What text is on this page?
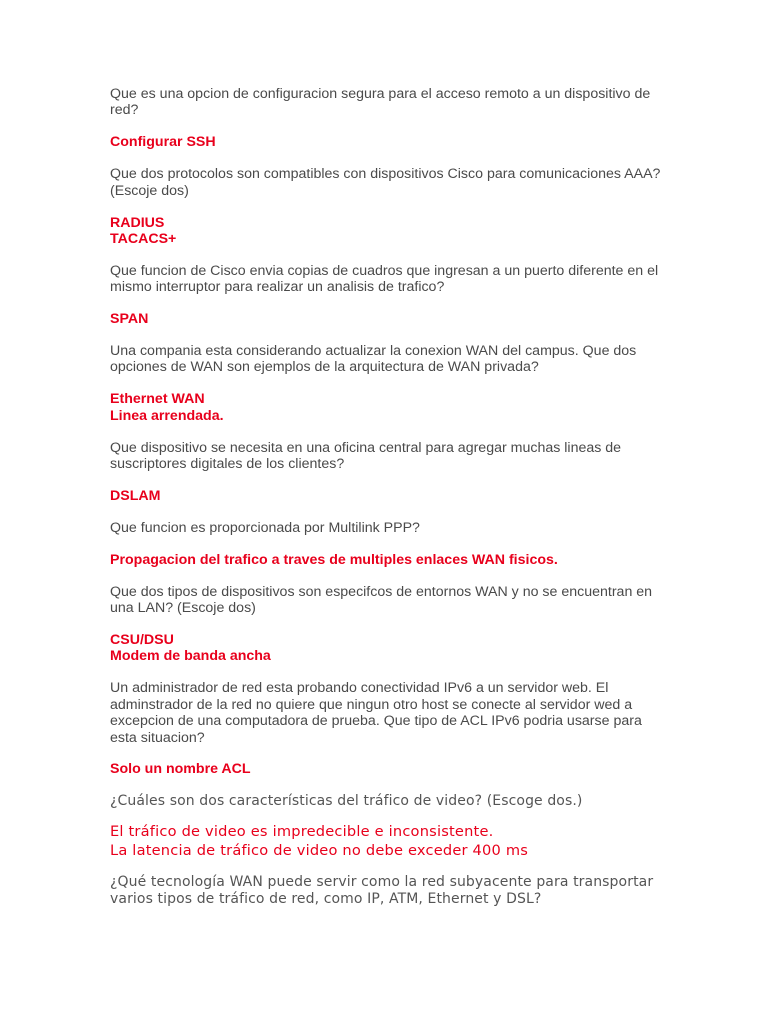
Que es una opcion de configuracion segura para el acceso remoto a un dispositivo de red?

Configurar SSH

Que dos protocolos son compatibles con dispositivos Cisco para comunicaciones AAA? (Escoje dos)

RADIUS
TACACS+

Que funcion de Cisco envia copias de cuadros que ingresan a un puerto diferente en el mismo interruptor para realizar un analisis de trafico?

SPAN

Una compania esta considerando actualizar la conexion WAN del campus. Que dos opciones de WAN son ejemplos de la arquitectura de WAN privada?

Ethernet WAN
Linea arrendada.

Que dispositivo se necesita en una oficina central para agregar muchas lineas de suscriptores digitales de los clientes?

DSLAM

Que funcion es proporcionada por Multilink PPP?

Propagacion del trafico a traves de multiples enlaces WAN fisicos.

Que dos tipos de dispositivos son especifcos de entornos WAN y no se encuentran en una LAN? (Escoje dos)

CSU/DSU
Modem de banda ancha

Un administrador de red esta probando conectividad IPv6 a un servidor web. El adminstrador de la red no quiere que ningun otro host se conecte al servidor wed a excepcion de una computadora de prueba. Que tipo de ACL IPv6 podria usarse para esta situacion?

Solo un nombre ACL

¿Cuáles son dos características del tráfico de video? (Escoge dos.)

El tráfico de video es impredecible e inconsistente.
La latencia de tráfico de video no debe exceder 400 ms

¿Qué tecnología WAN puede servir como la red subyacente para transportar varios tipos de tráfico de red, como IP, ATM, Ethernet y DSL?
